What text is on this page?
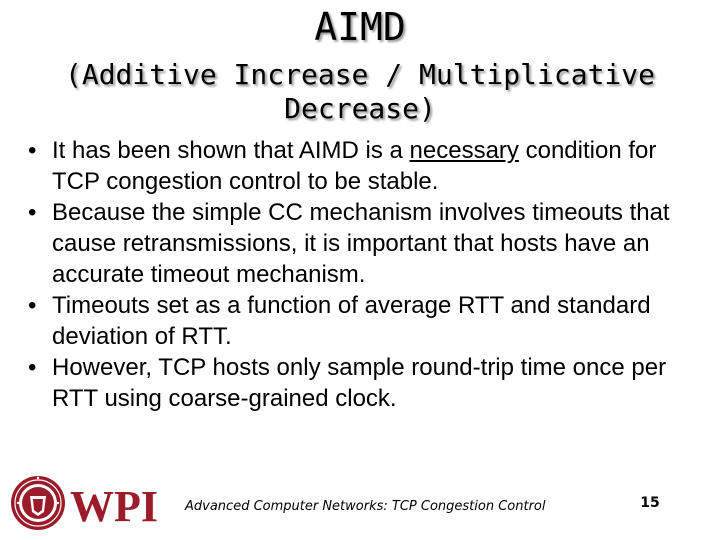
AIMD
(Additive Increase / Multiplicative
Decrease)
• It has been shown that AIMD is a necessary condition for TCP congestion control to be stable.
• Because the simple CC mechanism involves timeouts that cause retransmissions, it is important that hosts have an accurate timeout mechanism.
• Timeouts set as a function of average RTT and standard deviation of RTT.
• However, TCP hosts only sample round-trip time once per RTT using coarse-grained clock.
WPI Advanced Computer Networks: TCP Congestion Control	15
